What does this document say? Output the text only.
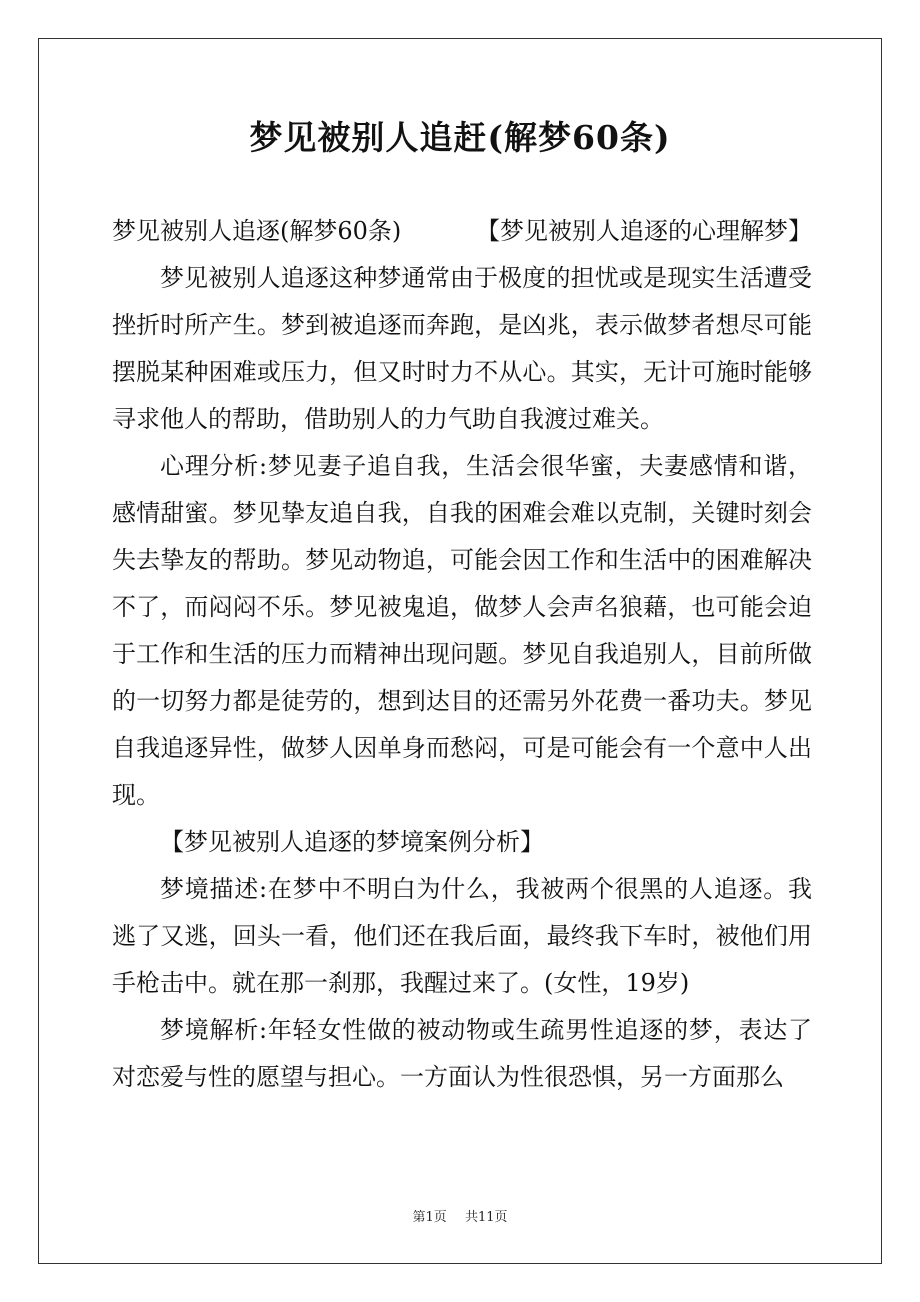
梦见被别人追赶(解梦60条)

梦见被别人追逐(解梦60条)	【梦见被别人追逐的心理解梦】

梦见被别人追逐这种梦通常由于极度的担忧或是现实生活遭受挫折时所产生。梦到被追逐而奔跑，是凶兆，表示做梦者想尽可能摆脱某种困难或压力，但又时时力不从心。其实，无计可施时能够寻求他人的帮助，借助别人的力气助自我渡过难关。

心理分析:梦见妻子追自我，生活会很华蜜，夫妻感情和谐，感情甜蜜。梦见挚友追自我，自我的困难会难以克制，关键时刻会失去挚友的帮助。梦见动物追，可能会因工作和生活中的困难解决不了，而闷闷不乐。梦见被鬼追，做梦人会声名狼藉，也可能会迫于工作和生活的压力而精神出现问题。梦见自我追别人，目前所做的一切努力都是徒劳的，想到达目的还需另外花费一番功夫。梦见自我追逐异性，做梦人因单身而愁闷，可是可能会有一个意中人出现。

【梦见被别人追逐的梦境案例分析】

梦境描述:在梦中不明白为什么，我被两个很黑的人追逐。我逃了又逃，回头一看，他们还在我后面，最终我下车时，被他们用手枪击中。就在那一刹那，我醒过来了。(女性，19岁)

梦境解析:年轻女性做的被动物或生疏男性追逐的梦，表达了对恋爱与性的愿望与担心。一方面认为性很恐惧，另一方面那么

第1页 共11页
